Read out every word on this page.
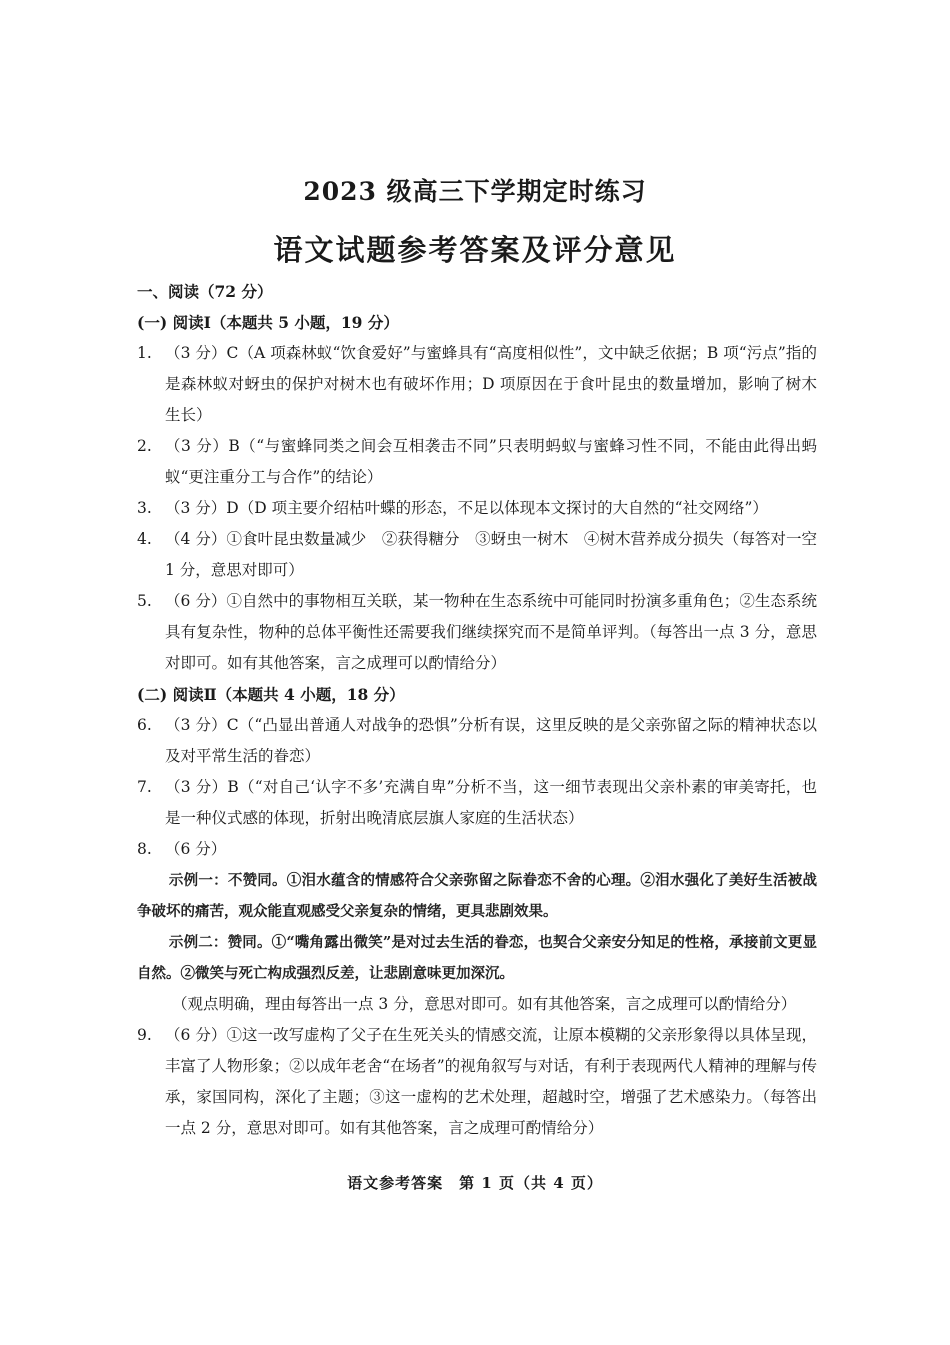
2023 级高三下学期定时练习
语文试题参考答案及评分意见
一、阅读（72 分）
(一) 阅读Ⅰ（本题共 5 小题，19 分）
1. （3 分）C（A 项森林蚁“饮食爱好”与蜜蜂具有“高度相似性”，文中缺乏依据；B 项“污点”指的是森林蚁对蚜虫的保护对树木也有破坏作用；D 项原因在于食叶昆虫的数量增加，影响了树木生长）
2. （3 分）B（“与蜜蜂同类之间会互相袭击不同”只表明蚂蚁与蜜蜂习性不同，不能由此得出蚂蚁“更注重分工与合作”的结论）
3. （3 分）D（D 项主要介绍枯叶蝶的形态，不足以体现本文探讨的大自然的“社交网络”）
4. （4 分）①食叶昆虫数量减少　②获得糖分　③蚜虫一树木　④树木营养成分损失（每答对一空 1 分，意思对即可）
5. （6 分）①自然中的事物相互关联，某一物种在生态系统中可能同时扮演多重角色；②生态系统具有复杂性，物种的总体平衡性还需要我们继续探究而不是简单评判。（每答出一点 3 分，意思对即可。如有其他答案，言之成理可以酌情给分）
(二) 阅读Ⅱ（本题共 4 小题，18 分）
6. （3 分）C（“凸显出普通人对战争的恐惧”分析有误，这里反映的是父亲弥留之际的精神状态以及对平常生活的眷恋）
7. （3 分）B（“对自己‘认字不多’充满自卑”分析不当，这一细节表现出父亲朴素的审美寄托，也是一种仪式感的体现，折射出晚清底层旗人家庭的生活状态）
8. （6 分）
示例一：不赞同。①泪水蕴含的情感符合父亲弥留之际眷恋不舍的心理。②泪水强化了美好生活被战争破坏的痛苦，观众能直观感受父亲复杂的情绪，更具悲剧效果。
示例二：赞同。①“嘴角露出微笑”是对过去生活的眷恋，也契合父亲安分知足的性格，承接前文更显自然。②微笑与死亡构成强烈反差，让悲剧意味更加深沉。
（观点明确，理由每答出一点 3 分，意思对即可。如有其他答案，言之成理可以酌情给分）
9. （6 分）①这一改写虚构了父子在生死关头的情感交流，让原本模糊的父亲形象得以具体呈现，丰富了人物形象；②以成年老舍“在场者”的视角叙写与对话，有利于表现两代人精神的理解与传承，家国同构，深化了主题；③这一虚构的艺术处理，超越时空，增强了艺术感染力。（每答出一点 2 分，意思对即可。如有其他答案，言之成理可酌情给分）
语文参考答案　第 1 页（共 4 页）
